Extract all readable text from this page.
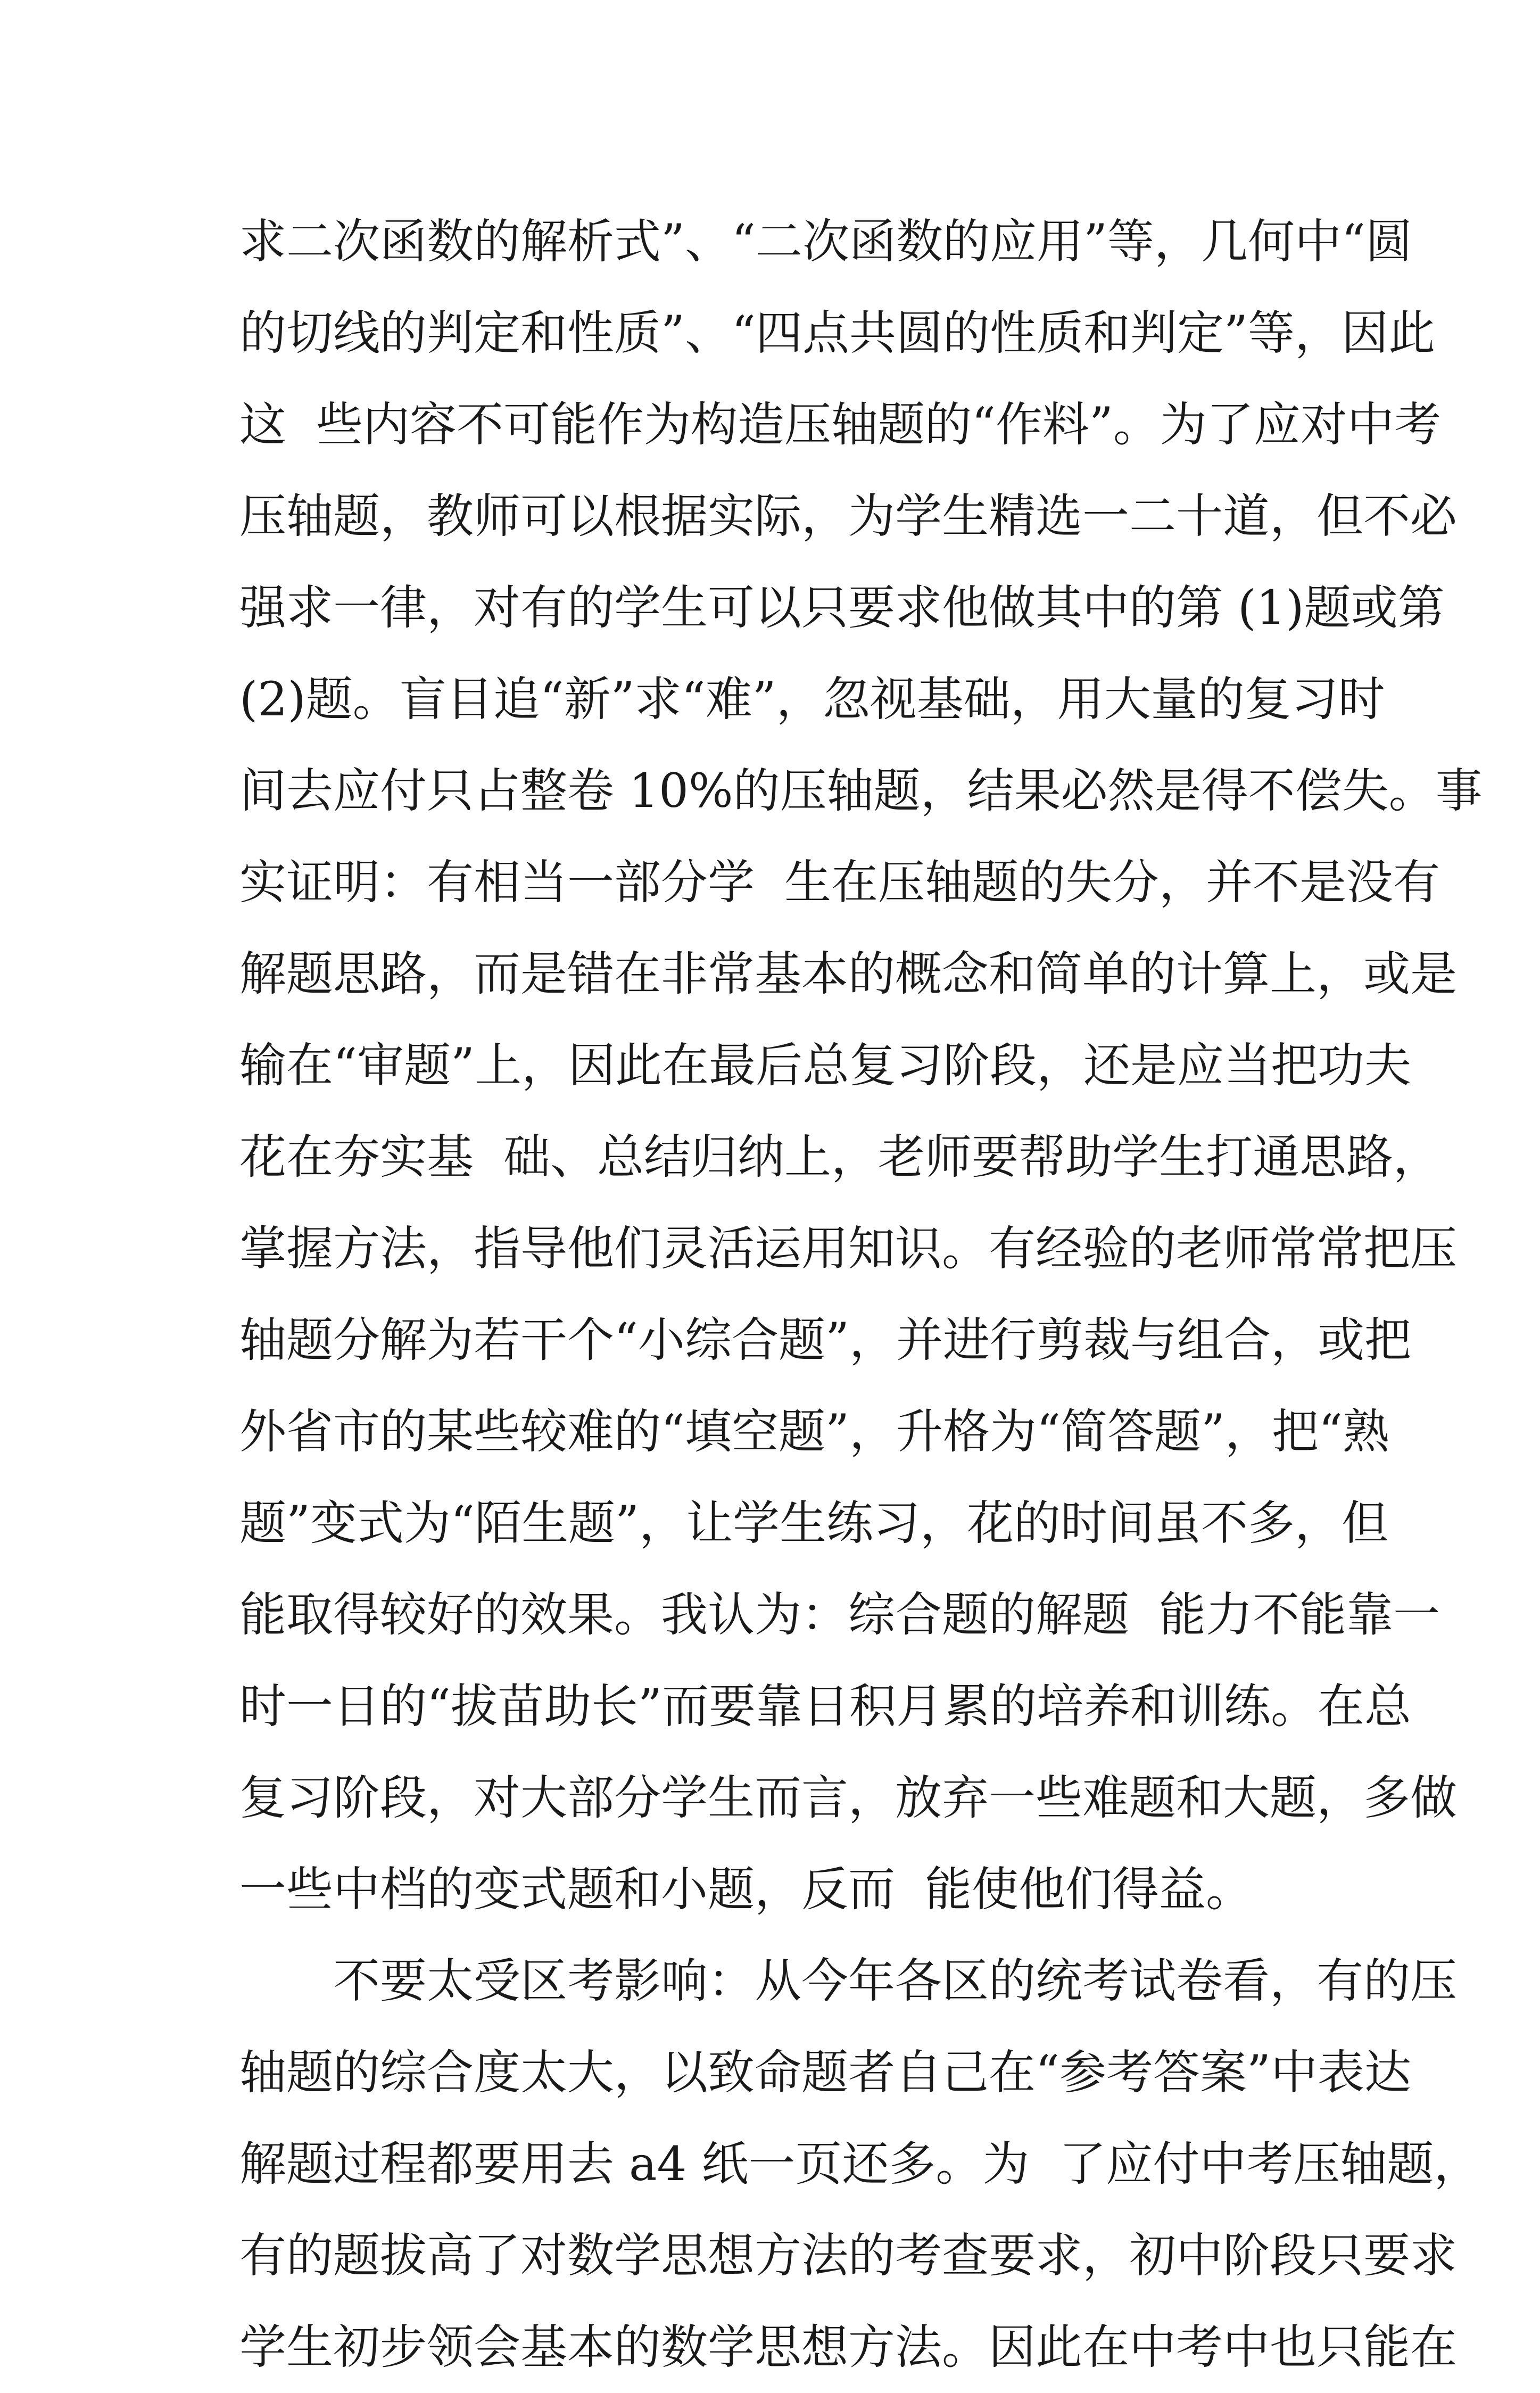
求二次函数的解析式”、“二次函数的应用”等，几何中“圆
的切线的判定和性质”、“四点共圆的性质和判定”等，因此
这  些内容不可能作为构造压轴题的“作料”。为了应对中考
压轴题，教师可以根据实际，为学生精选一二十道，但不必
强求一律，对有的学生可以只要求他做其中的第 (1)题或第
(2)题。盲目追“新”求“难”，忽视基础，用大量的复习时
间去应付只占整卷 10%的压轴题，结果必然是得不偿失。事
实证明：有相当一部分学  生在压轴题的失分，并不是没有
解题思路，而是错在非常基本的概念和简单的计算上，或是
输在“审题”上，因此在最后总复习阶段，还是应当把功夫
花在夯实基  础、总结归纳上，老师要帮助学生打通思路，
掌握方法，指导他们灵活运用知识。有经验的老师常常把压
轴题分解为若干个“小综合题”，并进行剪裁与组合，或把
外省市的某些较难的“填空题”，升格为“简答题”，把“熟
题”变式为“陌生题”，让学生练习，花的时间虽不多，但
能取得较好的效果。我认为：综合题的解题  能力不能靠一
时一日的“拔苗助长”而要靠日积月累的培养和训练。在总
复习阶段，对大部分学生而言，放弃一些难题和大题，多做
一些中档的变式题和小题，反而  能使他们得益。
不要太受区考影响：从今年各区的统考试卷看，有的压
轴题的综合度太大，以致命题者自己在“参考答案”中表达
解题过程都要用去 a4 纸一页还多。为  了应付中考压轴题，
有的题拔高了对数学思想方法的考查要求，初中阶段只要求
学生初步领会基本的数学思想方法。因此在中考中也只能在
